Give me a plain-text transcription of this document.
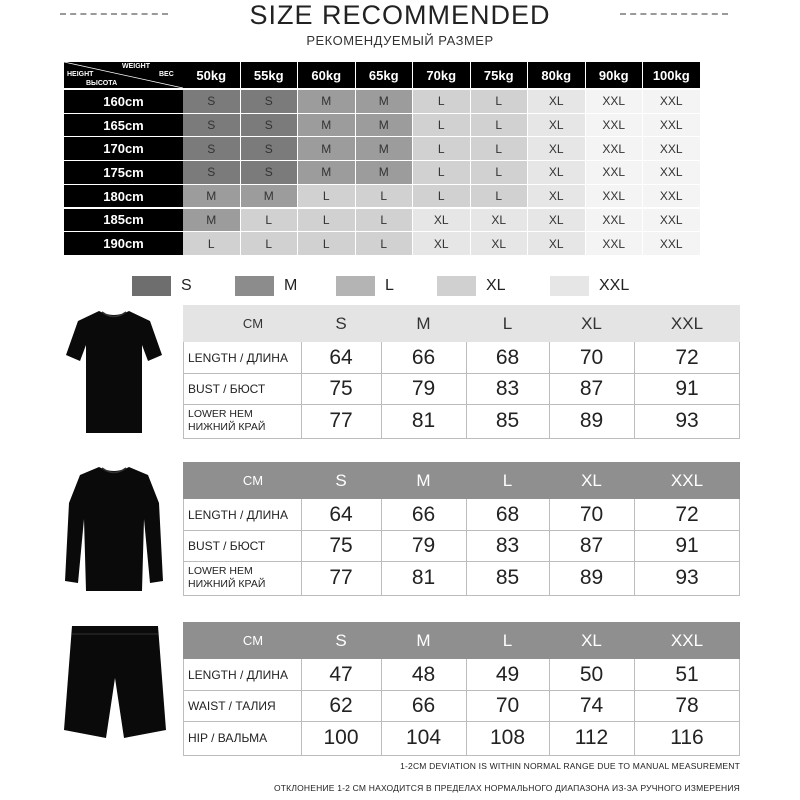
SIZE RECOMMENDED
РЕКОМЕНДУЕМЫЙ РАЗМЕР
WEIGHT
ВЕС
HEIGHT
ВЫСОТА
50kg	55kg	60kg	65kg	70kg	75kg	80kg	90kg	100kg
160cm	S	S	M	M	L	L	XL	XXL	XXL
165cm	S	S	M	M	L	L	XL	XXL	XXL
170cm	S	S	M	M	L	L	XL	XXL	XXL
175cm	S	S	M	M	L	L	XL	XXL	XXL
180cm	M	M	L	L	L	L	XL	XXL	XXL
185cm	M	L	L	L	XL	XL	XL	XXL	XXL
190cm	L	L	L	L	XL	XL	XL	XXL	XXL
S	M	L	XL	XXL
CM	S	M	L	XL	XXL
LENGTH / ДЛИНА	64	66	68	70	72
BUST / БЮСТ	75	79	83	87	91
LOWER HEM
НИЖНИЙ КРАЙ	77	81	85	89	93
CM	S	M	L	XL	XXL
LENGTH / ДЛИНА	64	66	68	70	72
BUST / БЮСТ	75	79	83	87	91
LOWER HEM
НИЖНИЙ КРАЙ	77	81	85	89	93
CM	S	M	L	XL	XXL
LENGTH / ДЛИНА	47	48	49	50	51
WAIST / ТАЛИЯ	62	66	70	74	78
HIP / ВАЛЬМА	100	104	108	112	116
1-2CM DEVIATION IS WITHIN NORMAL RANGE DUE TO MANUAL MEASUREMENT
ОТКЛОНЕНИЕ 1-2 СМ НАХОДИТСЯ В ПРЕДЕЛАХ НОРМАЛЬНОГО ДИАПАЗОНА ИЗ-ЗА РУЧНОГО ИЗМЕРЕНИЯ
